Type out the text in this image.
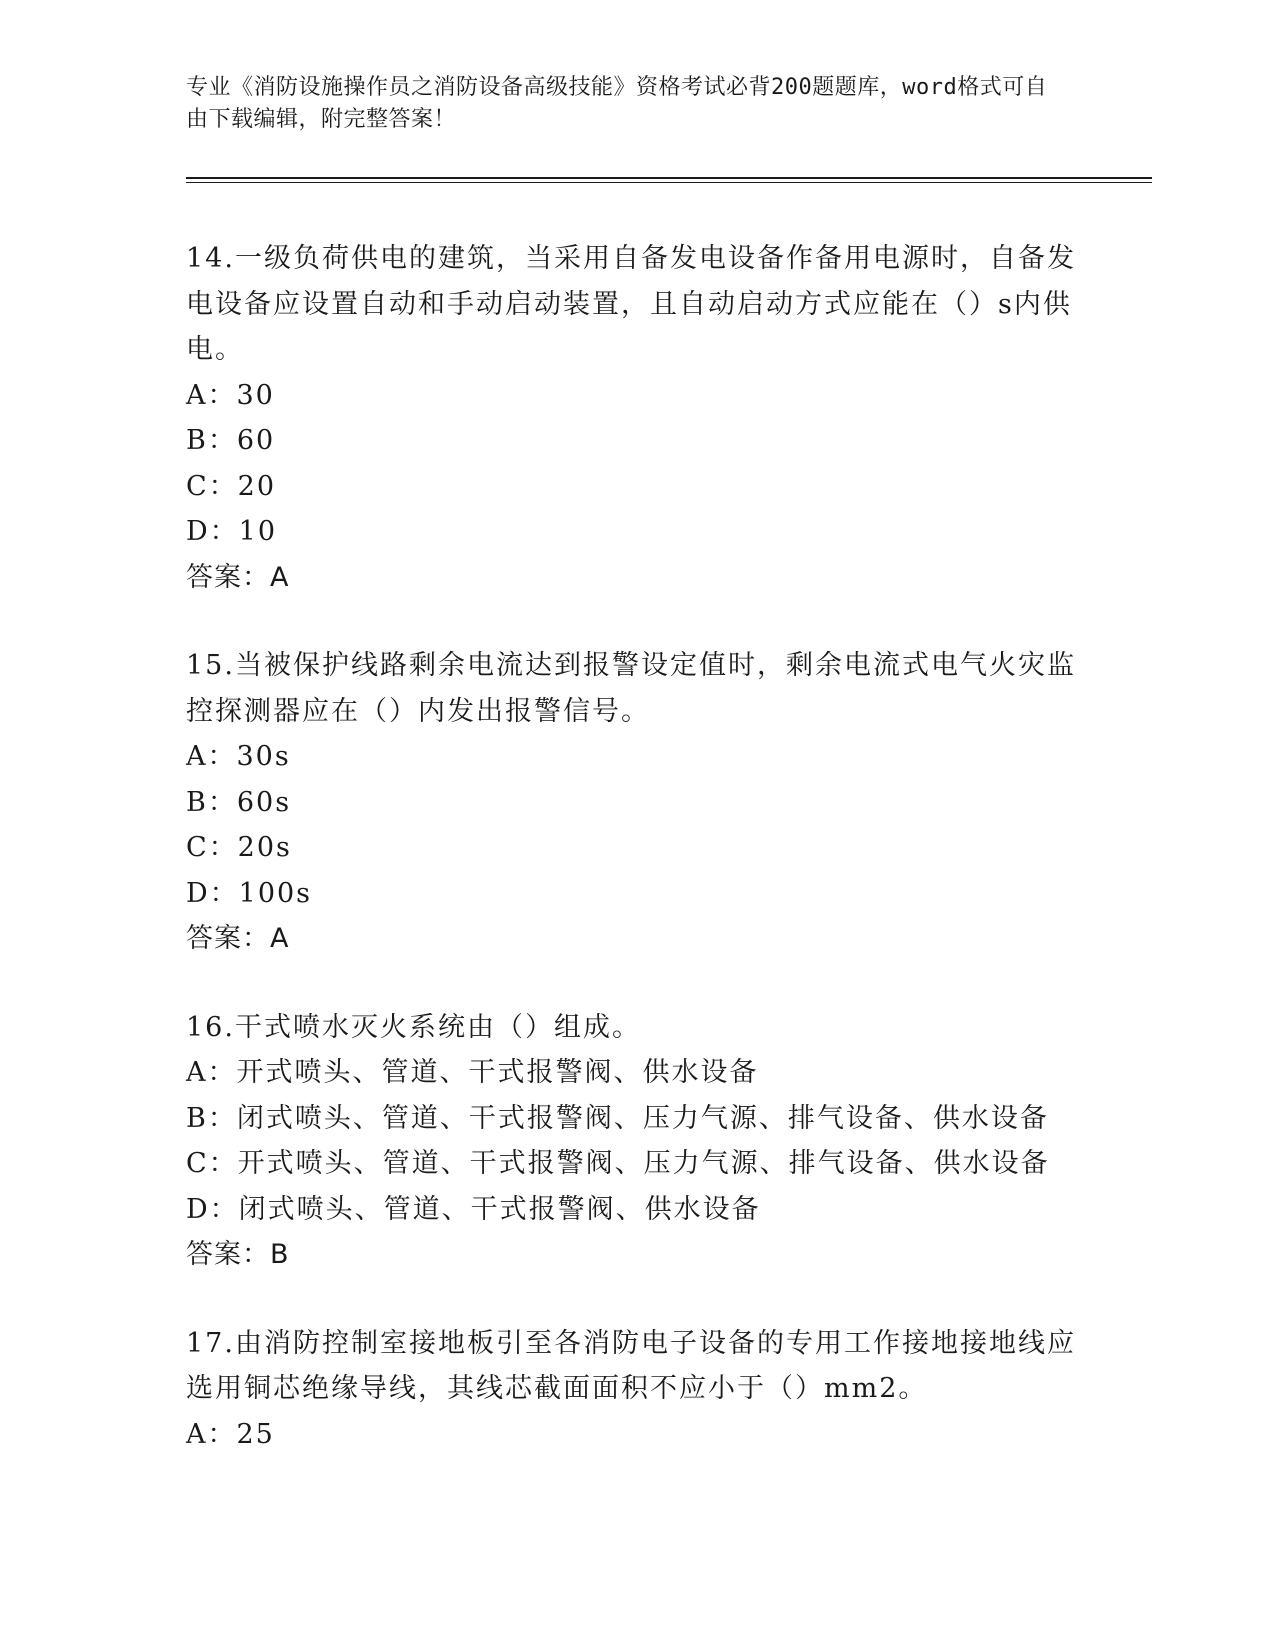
专业《消防设施操作员之消防设备高级技能》资格考试必背200题题库，word格式可自由下载编辑，附完整答案！

14.一级负荷供电的建筑，当采用自备发电设备作备用电源时，自备发电设备应设置自动和手动启动装置，且自动启动方式应能在（）s内供电。

A：30

B：60

C：20

D：10

答案：A

15.当被保护线路剩余电流达到报警设定值时，剩余电流式电气火灾监控探测器应在（）内发出报警信号。

A：30s

B：60s

C：20s

D：100s

答案：A

16.干式喷水灭火系统由（）组成。

A：开式喷头、管道、干式报警阀、供水设备

B：闭式喷头、管道、干式报警阀、压力气源、排气设备、供水设备

C：开式喷头、管道、干式报警阀、压力气源、排气设备、供水设备

D：闭式喷头、管道、干式报警阀、供水设备

答案：B

17.由消防控制室接地板引至各消防电子设备的专用工作接地接地线应选用铜芯绝缘导线，其线芯截面面积不应小于（）mm2。

A：25
